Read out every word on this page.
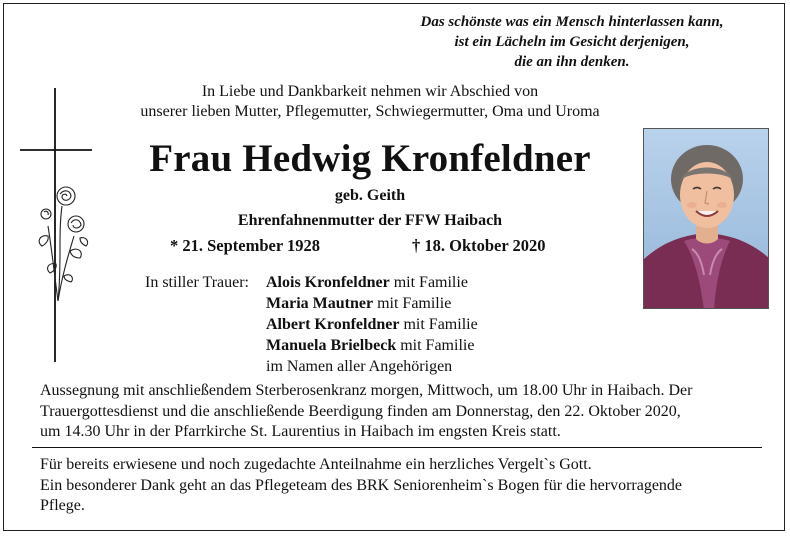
Das schönste was ein Mensch hinterlassen kann,
ist ein Lächeln im Gesicht derjenigen,
die an ihn denken.
In Liebe und Dankbarkeit nehmen wir Abschied von
unserer lieben Mutter, Pflegemutter, Schwiegermutter, Oma und Uroma
Frau Hedwig Kronfeldner
geb. Geith
Ehrenfahnenmutter der FFW Haibach
* 21. September 1928	† 18. Oktober 2020
In stiller Trauer: Alois Kronfeldner mit Familie
Maria Mautner mit Familie
Albert Kronfeldner mit Familie
Manuela Brielbeck mit Familie
im Namen aller Angehörigen
Aussegnung mit anschließendem Sterberosenkranz morgen, Mittwoch, um 18.00 Uhr in Haibach. Der
Trauergottesdienst und die anschließende Beerdigung finden am Donnerstag, den 22. Oktober 2020,
um 14.30 Uhr in der Pfarrkirche St. Laurentius in Haibach im engsten Kreis statt.
Für bereits erwiesene und noch zugedachte Anteilnahme ein herzliches Vergelt`s Gott.
Ein besonderer Dank geht an das Pflegeteam des BRK Seniorenheim`s Bogen für die hervorragende
Pflege.
